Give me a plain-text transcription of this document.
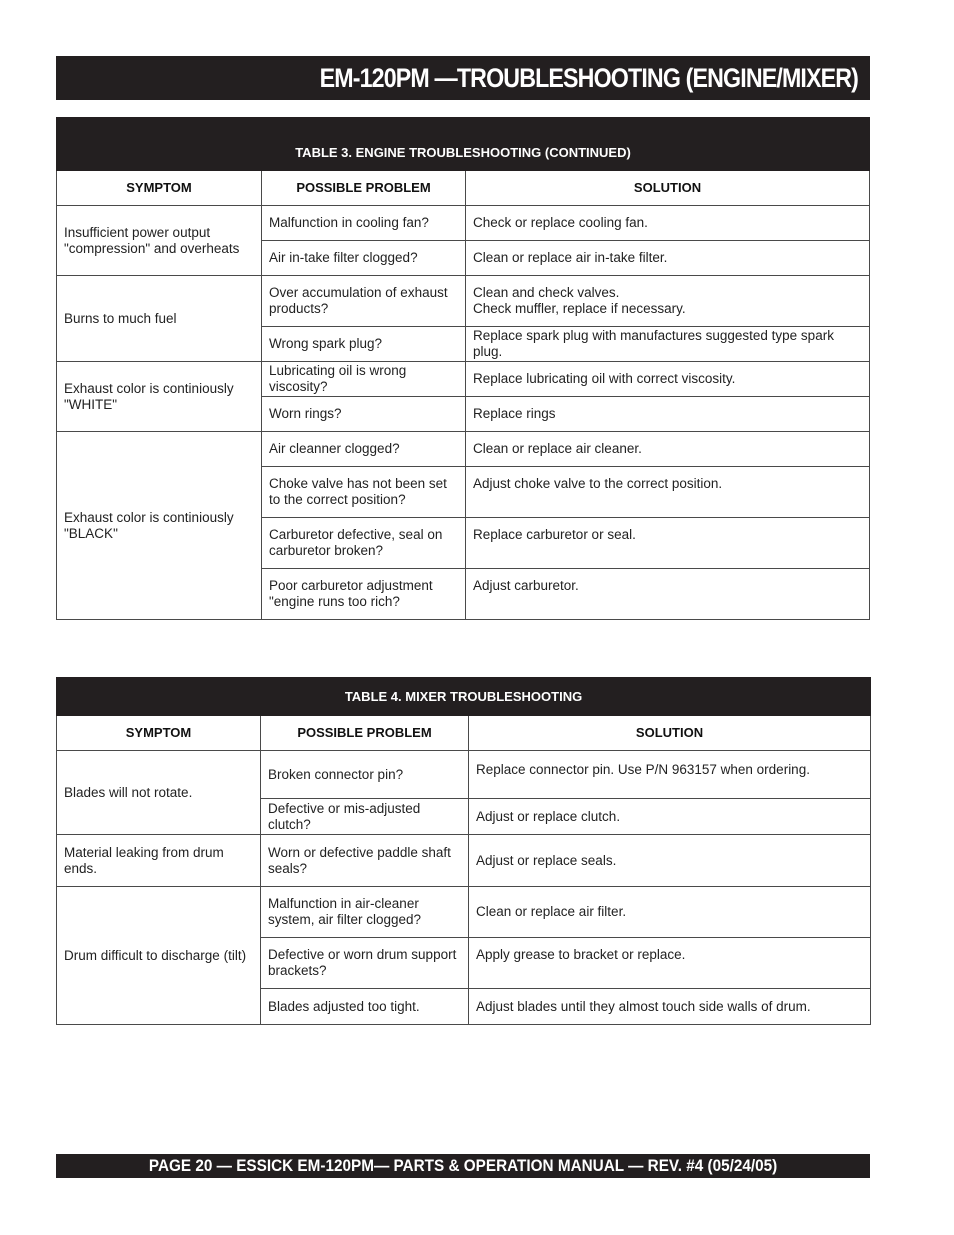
EM-120PM —TROUBLESHOOTING (ENGINE/MIXER)
TABLE 3. ENGINE TROUBLESHOOTING (CONTINUED)		
SYMPTOM	POSSIBLE PROBLEM	SOLUTION
Insufficient power output "compression" and overheats	Malfunction in cooling fan?	Check or replace cooling fan.
	Air in-take filter clogged?	Clean or replace air in-take filter.
Burns to much fuel	Over accumulation of exhaust products?	Clean and check valves.
Check muffler, replace if necessary.
	Wrong spark plug?	Replace spark plug with manufactures suggested type spark plug.
Exhaust color is continiously "WHITE"	Lubricating oil is wrong viscosity?	Replace lubricating oil with correct viscosity.
	Worn rings?	Replace rings
Exhaust color is continiously "BLACK"	Air cleanner clogged?	Clean or replace air cleaner.
	Choke valve has not been set to the correct position?	Adjust choke valve to the correct position.
	Carburetor defective, seal on carburetor broken?	Replace carburetor or seal.
	Poor carburetor adjustment "engine runs too rich?	Adjust carburetor.
TABLE 4. MIXER TROUBLESHOOTING		
SYMPTOM	POSSIBLE PROBLEM	SOLUTION
Blades will not rotate.	Broken connector pin?	Replace connector pin. Use P/N 963157 when ordering.
	Defective or mis-adjusted clutch?	Adjust or replace clutch.
Material leaking from drum ends.	Worn or defective paddle shaft seals?	Adjust or replace seals.
Drum difficult to discharge (tilt)	Malfunction in air-cleaner system, air filter clogged?	Clean or replace air filter.
	Defective or worn drum support brackets?	Apply grease to bracket or replace.
	Blades adjusted too tight.	Adjust blades until they almost touch side walls of drum.
PAGE 20 — ESSICK EM-120PM— PARTS & OPERATION MANUAL — REV. #4 (05/24/05)
